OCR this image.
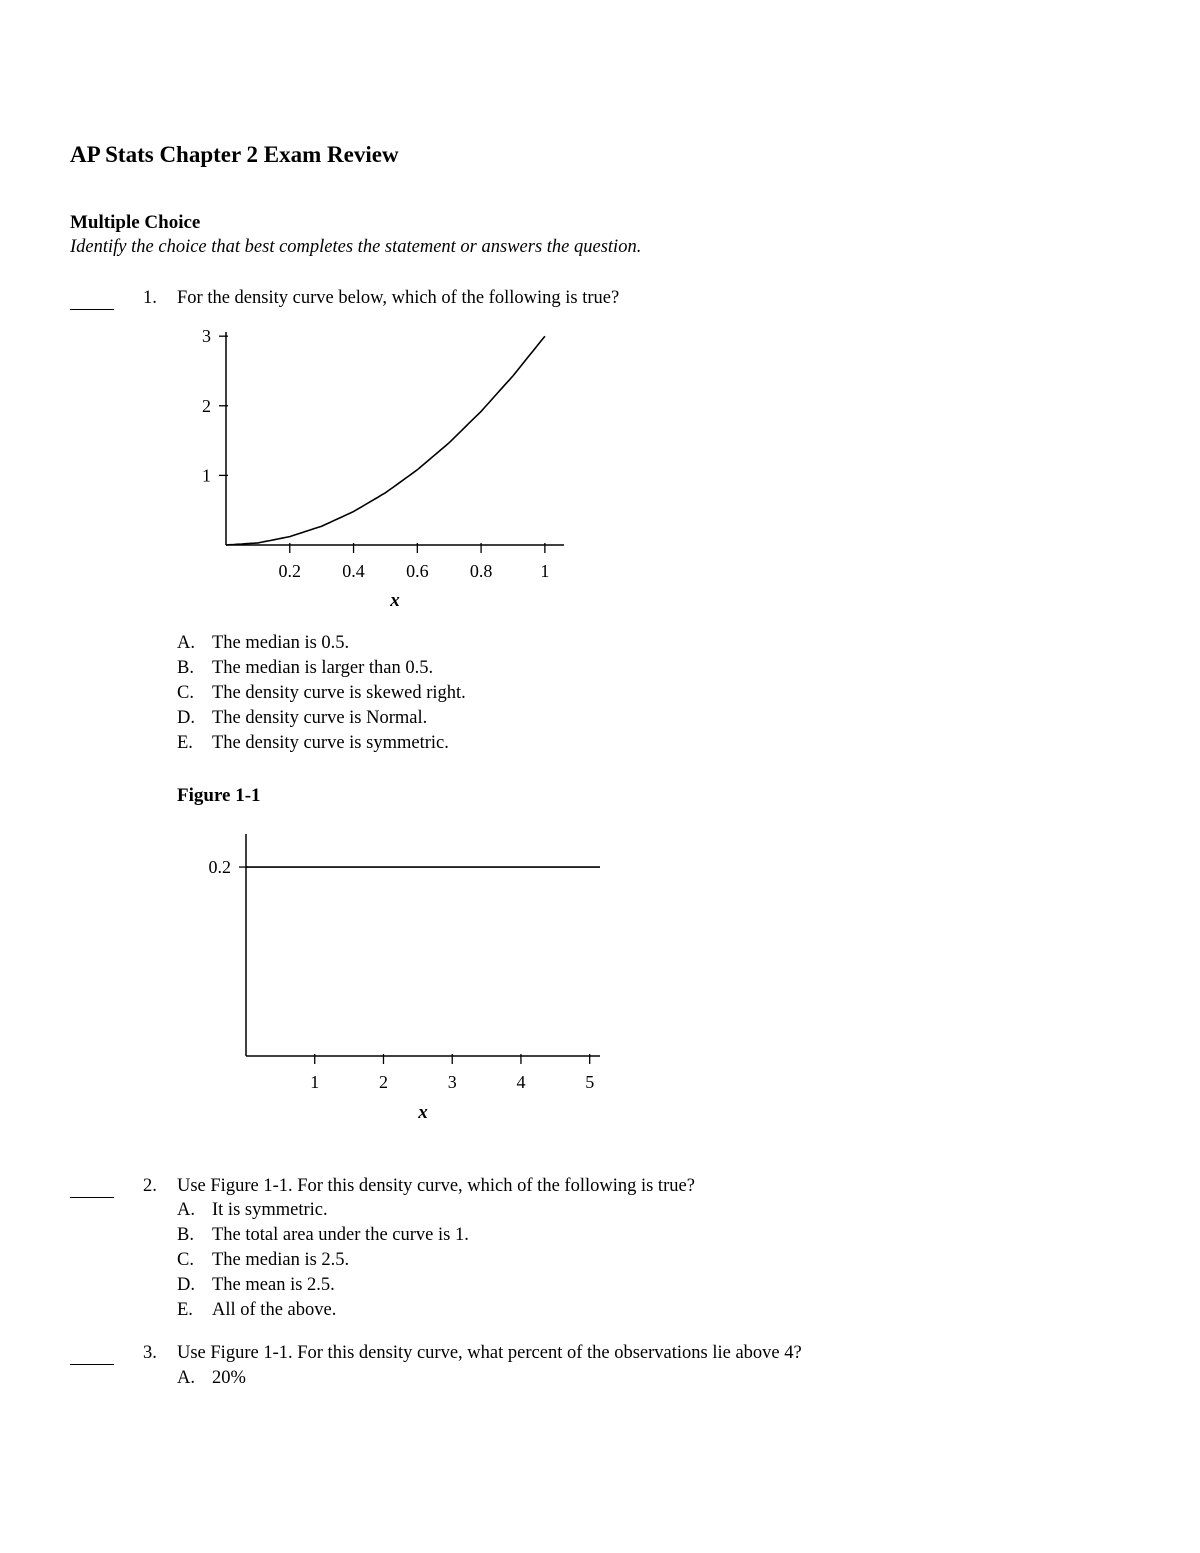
AP Stats Chapter 2 Exam Review
Multiple Choice
Identify the choice that best completes the statement or answers the question.
1. For the density curve below, which of the following is true?
1
2
3
0.2 0.4 0.6 0.8	1
x
A. The median is 0.5.
B. The median is larger than 0.5.
C. The density curve is skewed right.
D. The density curve is Normal.
E. The density curve is symmetric.
Figure 1-1
0.2
1	2	3	4	5
x
2. Use Figure 1-1. For this density curve, which of the following is true?
A. It is symmetric.
B. The total area under the curve is 1.
C. The median is 2.5.
D. The mean is 2.5.
E. All of the above.
3. Use Figure 1-1. For this density curve, what percent of the observations lie above 4?
A. 20%
